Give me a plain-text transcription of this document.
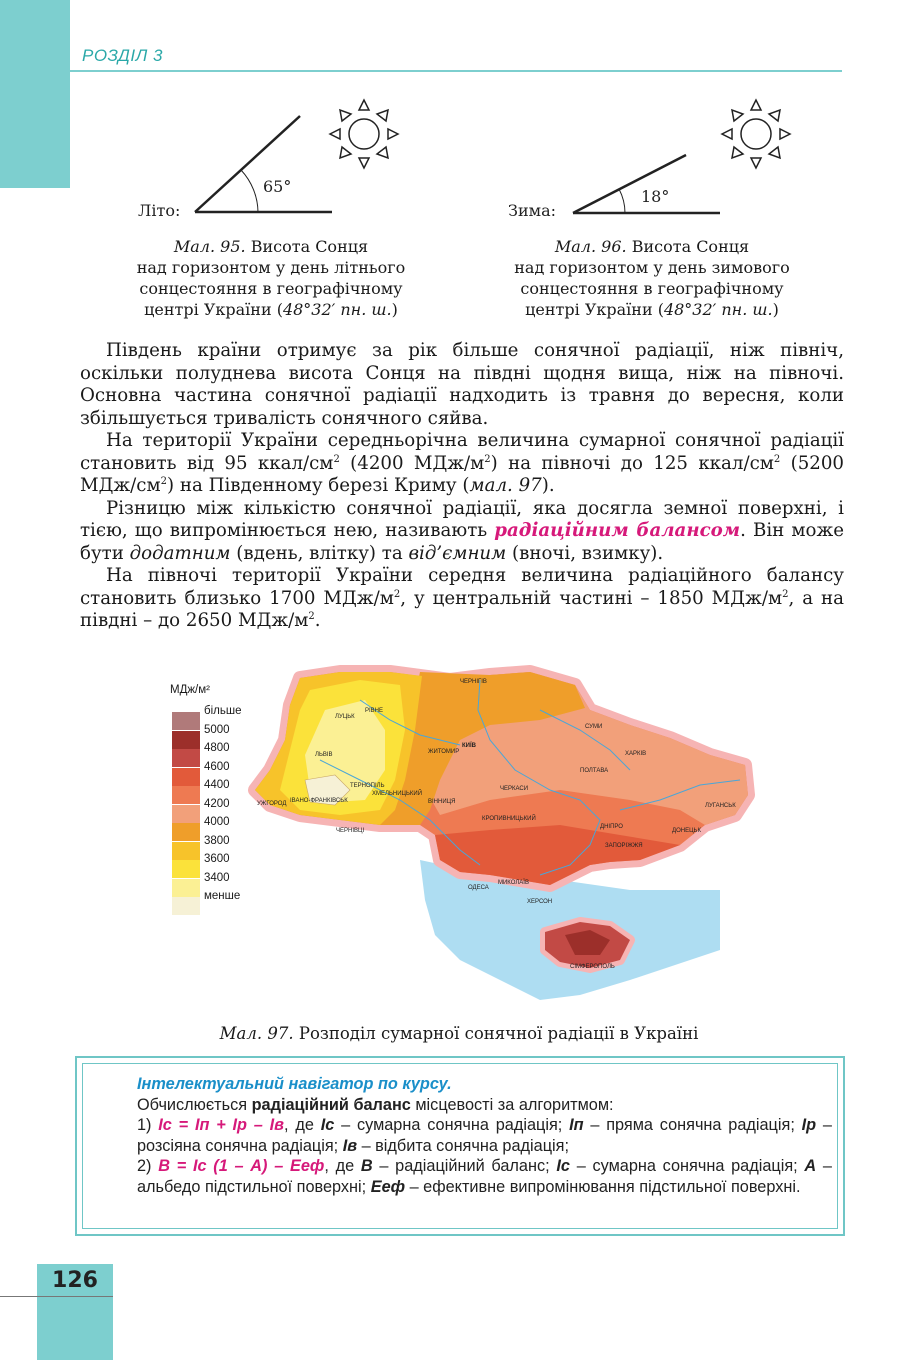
РОЗДІЛ 3
65°
Літо:
Мал. 95. Висота Сонця
над горизонтом у день літнього
сонцестояння в географічному
центрі України (48°32′ пн. ш.)
18°
Зима:
Мал. 96. Висота Сонця
над горизонтом у день зимового
сонцестояння в географічному
центрі України (48°32′ пн. ш.)

Південь країни отримує за рік більше сонячної радіації, ніж північ, оскільки полуднева висота Сонця на півдні щодня вища, ніж на півночі. Основна частина сонячної радіації надходить із травня до вересня, коли збільшується тривалість сонячного сяйва.

На території України середньорічна величина сумарної сонячної радіації становить від 95 ккал/$см^2$ (4200 МДж/$м^2$) на півночі до 125 ккал/$см^2$ (5200 МДж/$см^2$) на Південному березі Криму (мал. 97).

Різницю між кількістю сонячної радіації, яка досягла земної поверхні, і тією, що випромінюється нею, називають радіаційним балансом. Він може бути додатним (вдень, влітку) та від’ємним (вночі, взимку).

На півночі території України середня величина радіаційного балансу становить близько 1700 МДж/$м^2$, у центральній частині – 1850 МДж/$м^2$, а на півдні – до 2650 МДж/$м^2$.

ЧЕРНІГІВ
ЛУЦЬК
РІВНЕ
ЖИТОМИР
КИЇВ
СУМИ
ЛЬВІВ	ХАРКІВ
ПОЛТАВА
ТЕРНОПІЛЬ
ХМЕЛЬНИЦЬКИЙ
УЖГОРОД ІВАНО-ФРАНКІВСЬК	ВІННИЦЯ
ЧЕРКАСИ
ЛУГАНСЬК
ЧЕРНІВЦІ
КРОПИВНИЦЬКИЙ
ДНІПРО
ДОНЕЦЬК
ЗАПОРІЖЖЯ
ОДЕСА
МИКОЛАЇВ
ХЕРСОН
СІМФЕРОПОЛЬ
МДж/м²
більше
5000
4800
4600
4400
4200
4000
3800
3600
3400
менше
Мал. 97. Розподіл сумарної сонячної радіації в Україні

Інтелектуальний навігатор по курсу.

Обчислюється радіаційний баланс місцевості за алгоритмом:

1) Іс = Іп + Ір – Ів, де Іс – сумарна сонячна радіація; Іп – пряма сонячна радіація; Ір – розсіяна сонячна радіація; Ів – відбита сонячна радіація;

2) В = Іс (1 – А) – Еeф, де В – радіаційний баланс; Іс – сумарна сонячна радіація; А – альбедо підстильної поверхні; Еeф – ефективне випромінювання підстильної поверхні.

126
